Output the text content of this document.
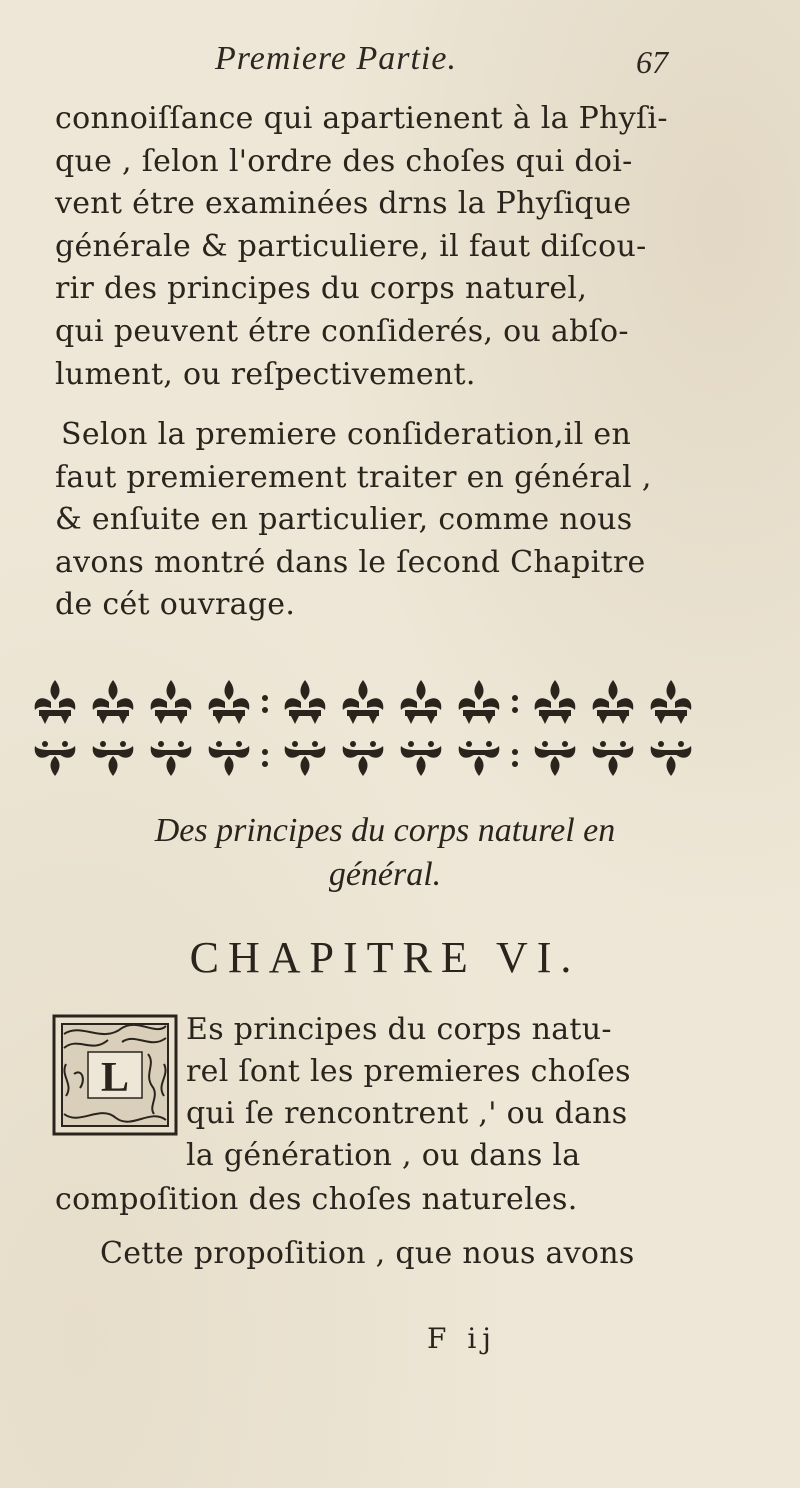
Premiere Partie.	67

connoiſſance qui apartienent à la Phyſi-
que , ſelon l'ordre des choſes qui doi-
vent étre examinées drns la Phyſique
générale & particuliere, il faut diſcou-
rir des principes du corps naturel,
qui peuvent étre conſiderés, ou abſo-
lument, ou reſpectivement.

Selon la premiere conſideration,il en
faut premierement traiter en général ,
& enſuite en particulier, comme nous
avons montré dans le ſecond Chapitre
de cét ouvrage.

Des principes du corps naturel en
général.
CHAPITRE VI.
L

Es principes du corps natu-

rel ſont les premieres choſes

qui ſe rencontrent ,' ou dans

la génération , ou dans la

compoſition des choſes natureles.

Cette propoſition , que nous avons

F ij
